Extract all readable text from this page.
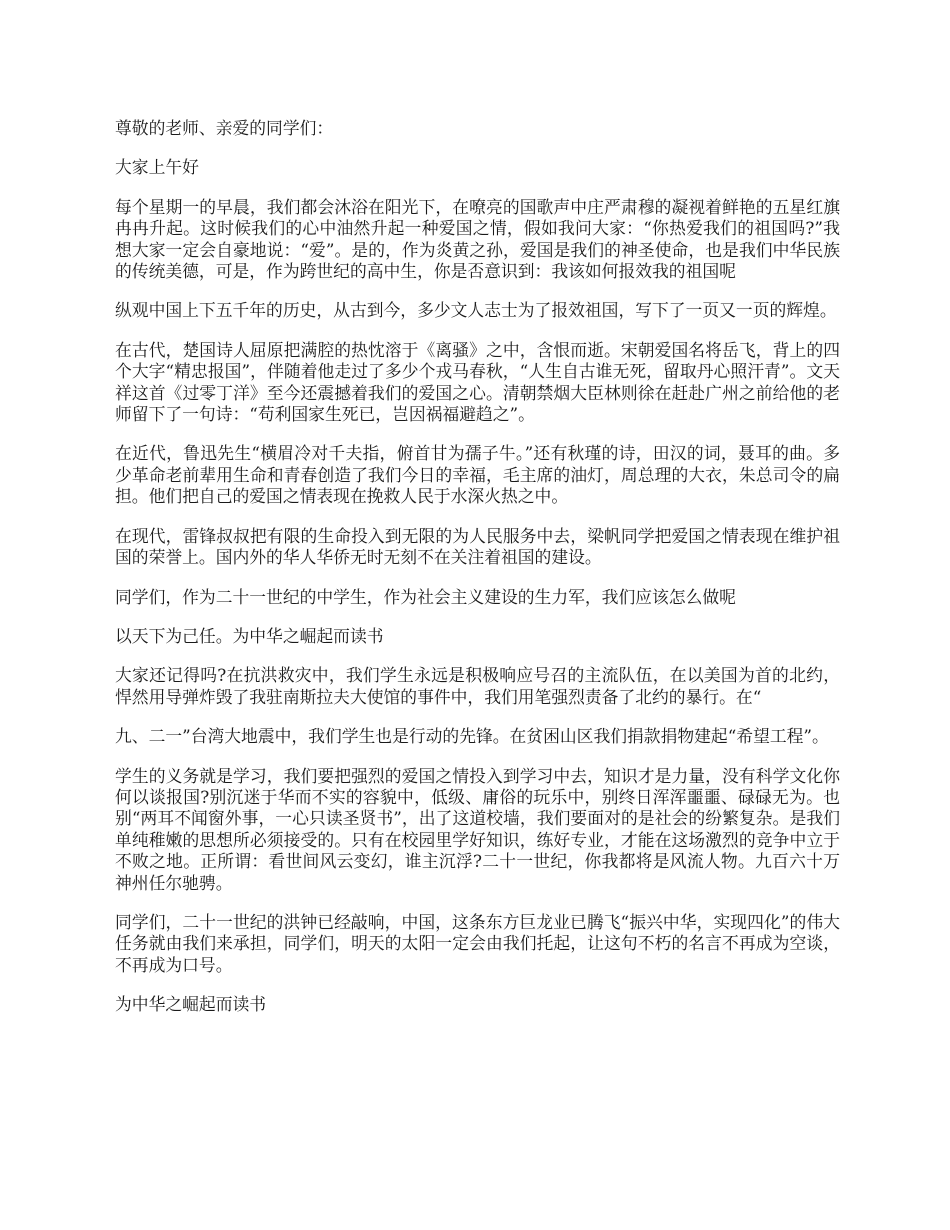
尊敬的老师、亲爱的同学们：

大家上午好

每个星期一的早晨，我们都会沐浴在阳光下，在嘹亮的国歌声中庄严肃穆的凝视着鲜艳的五星红旗冉冉升起。这时候我们的心中油然升起一种爱国之情，假如我问大家：“你热爱我们的祖国吗?”我想大家一定会自豪地说：“爱”。是的，作为炎黄之孙，爱国是我们的神圣使命，也是我们中华民族的传统美德，可是，作为跨世纪的高中生，你是否意识到：我该如何报效我的祖国呢

纵观中国上下五千年的历史，从古到今，多少文人志士为了报效祖国，写下了一页又一页的辉煌。

在古代，楚国诗人屈原把满腔的热忱溶于《离骚》之中，含恨而逝。宋朝爱国名将岳飞，背上的四个大字“精忠报国”，伴随着他走过了多少个戎马春秋，“人生自古谁无死，留取丹心照汗青”。文天祥这首《过零丁洋》至今还震撼着我们的爱国之心。清朝禁烟大臣林则徐在赶赴广州之前给他的老师留下了一句诗：“苟利国家生死已，岂因祸福避趋之”。

在近代，鲁迅先生“横眉冷对千夫指，俯首甘为孺子牛。”还有秋瑾的诗，田汉的词，聂耳的曲。多少革命老前辈用生命和青春创造了我们今日的幸福，毛主席的油灯，周总理的大衣，朱总司令的扁担。他们把自己的爱国之情表现在挽救人民于水深火热之中。

在现代，雷锋叔叔把有限的生命投入到无限的为人民服务中去，梁帆同学把爱国之情表现在维护祖国的荣誉上。国内外的华人华侨无时无刻不在关注着祖国的建设。

同学们，作为二十一世纪的中学生，作为社会主义建设的生力军，我们应该怎么做呢

以天下为己任。为中华之崛起而读书

大家还记得吗?在抗洪救灾中，我们学生永远是积极响应号召的主流队伍，在以美国为首的北约，悍然用导弹炸毁了我驻南斯拉夫大使馆的事件中，我们用笔强烈责备了北约的暴行。在“

九、二一”台湾大地震中，我们学生也是行动的先锋。在贫困山区我们捐款捐物建起“希望工程”。

学生的义务就是学习，我们要把强烈的爱国之情投入到学习中去，知识才是力量，没有科学文化你何以谈报国?别沉迷于华而不实的容貌中，低级、庸俗的玩乐中，别终日浑浑噩噩、碌碌无为。也别“两耳不闻窗外事，一心只读圣贤书”，出了这道校墙，我们要面对的是社会的纷繁复杂。是我们单纯稚嫩的思想所必须接受的。只有在校园里学好知识，练好专业，才能在这场激烈的竞争中立于不败之地。正所谓：看世间风云变幻，谁主沉浮?二十一世纪，你我都将是风流人物。九百六十万神州任尔驰骋。

同学们，二十一世纪的洪钟已经敲响，中国，这条东方巨龙业已腾飞“振兴中华，实现四化”的伟大任务就由我们来承担，同学们，明天的太阳一定会由我们托起，让这句不朽的名言不再成为空谈，不再成为口号。

为中华之崛起而读书
